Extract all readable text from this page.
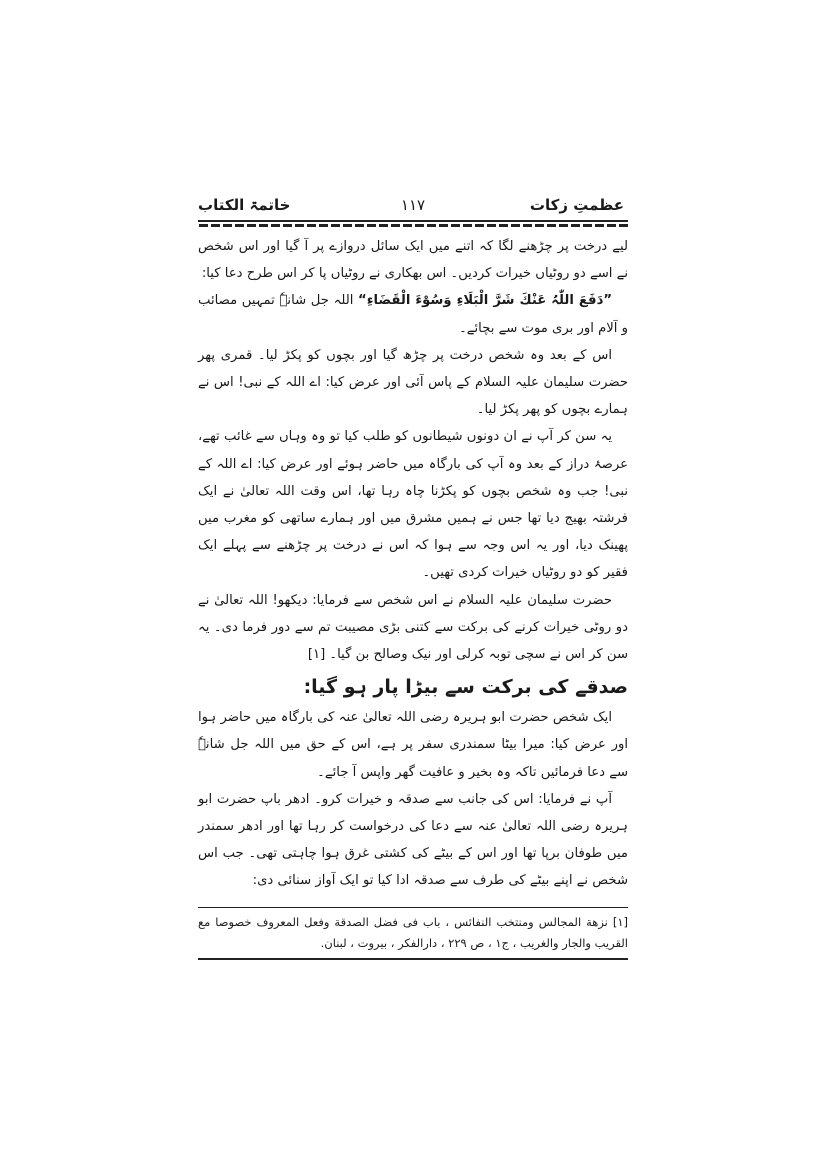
عظمتِ زکات
۱۱۷
خاتمۃ الکتاب

لیے درخت پر چڑھنے لگا کہ اتنے میں ایک سائل دروازے پر آ گیا اور اس شخص نے اسے دو روٹیاں خیرات کردیں۔ اس بھکاری نے روٹیاں پا کر اس طرح دعا کیا:

”دَفَعَ اللّٰہُ عَنْكَ شَرَّ الْبَلَاءِ وَسُوْءَ الْقَضَاءِ“ اللہ جل شانہٗ تمہیں مصائب و آلام اور بری موت سے بچائے۔

اس کے بعد وہ شخص درخت پر چڑھ گیا اور بچوں کو پکڑ لیا۔ قمری پھر حضرت سلیمان علیہ السلام کے پاس آئی اور عرض کیا: اے اللہ کے نبی! اس نے ہمارے بچوں کو پھر پکڑ لیا۔

یہ سن کر آپ نے ان دونوں شیطانوں کو طلب کیا تو وہ وہاں سے غائب تھے، عرصۂ دراز کے بعد وہ آپ کی بارگاہ میں حاضر ہوئے اور عرض کیا: اے اللہ کے نبی! جب وہ شخص بچوں کو پکڑنا چاہ رہا تھا، اس وقت اللہ تعالیٰ نے ایک فرشتہ بھیج دیا تھا جس نے ہمیں مشرق میں اور ہمارے ساتھی کو مغرب میں پھینک دیا، اور یہ اس وجہ سے ہوا کہ اس نے درخت پر چڑھنے سے پہلے ایک فقیر کو دو روٹیاں خیرات کردی تھیں۔

حضرت سلیمان علیہ السلام نے اس شخص سے فرمایا: دیکھو! اللہ تعالیٰ نے دو روٹی خیرات کرنے کی برکت سے کتنی بڑی مصیبت تم سے دور فرما دی۔ یہ سن کر اس نے سچی توبہ کرلی اور نیک وصالح بن گیا۔ [۱]

صدقے کی برکت سے بیڑا پار ہو گیا:

ایک شخص حضرت ابو ہریرہ رضی اللہ تعالیٰ عنہ کی بارگاہ میں حاضر ہوا اور عرض کیا: میرا بیٹا سمندری سفر پر ہے، اس کے حق میں اللہ جل شانہٗ سے دعا فرمائیں تاکہ وہ بخیر و عافیت گھر واپس آ جائے۔

آپ نے فرمایا: اس کی جانب سے صدقہ و خیرات کرو۔ ادھر باپ حضرت ابو ہریرہ رضی اللہ تعالیٰ عنہ سے دعا کی درخواست کر رہا تھا اور ادھر سمندر میں طوفان برپا تھا اور اس کے بیٹے کی کشتی غرق ہوا چاہتی تھی۔ جب اس شخص نے اپنے بیٹے کی طرف سے صدقہ ادا کیا تو ایک آواز سنائی دی:

[۱] نزهة المجالس ومنتخب النفائس ، باب فی فضل الصدقة وفعل المعروف خصوصا مع القریب والجار والغریب ، ج۱ ، ص ۲۲۹ ، دارالفکر ، بیروت ، لبنان.
